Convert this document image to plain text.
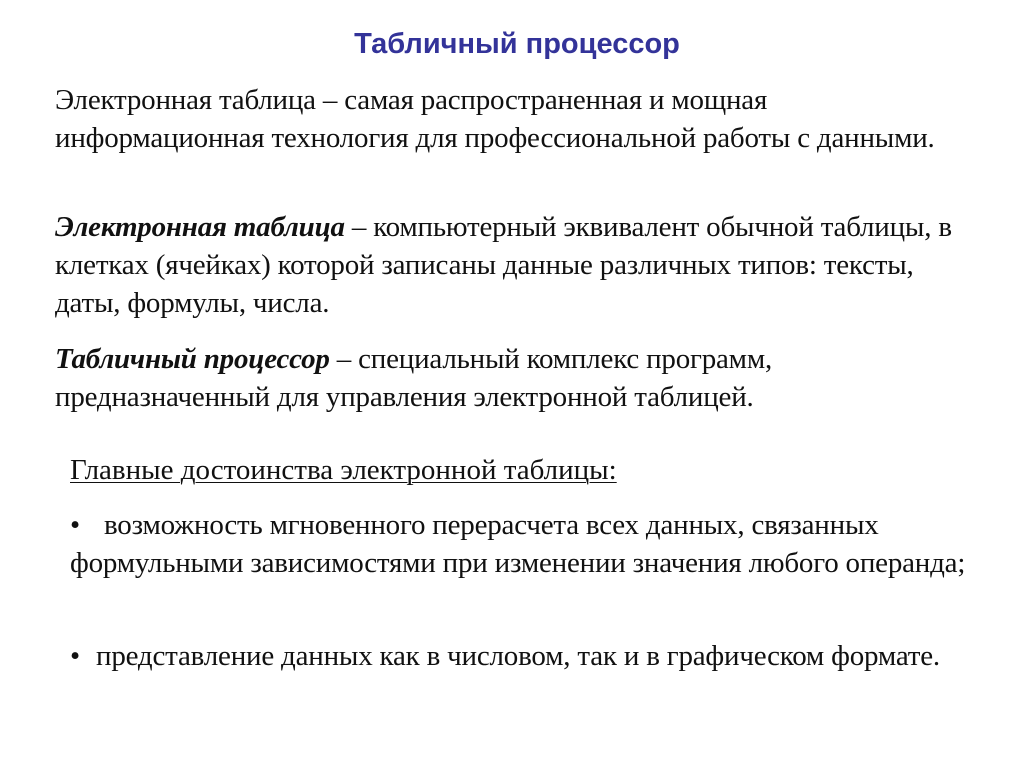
Табличный процессор

Электронная таблица – самая распространенная и мощная информационная технология для профессиональной работы с данными.

Электронная таблица – компьютерный эквивалент обычной таблицы, в клетках (ячейках) которой записаны данные различных типов: тексты, даты, формулы, числа.

Табличный процессор – специальный комплекс программ, предназначенный для управления электронной таблицей.

Главные достоинства электронной таблицы:

• возможность мгновенного перерасчета всех данных, связанных формульными зависимостями при изменении значения любого операнда;

• представление данных как в числовом, так и в графическом формате.
